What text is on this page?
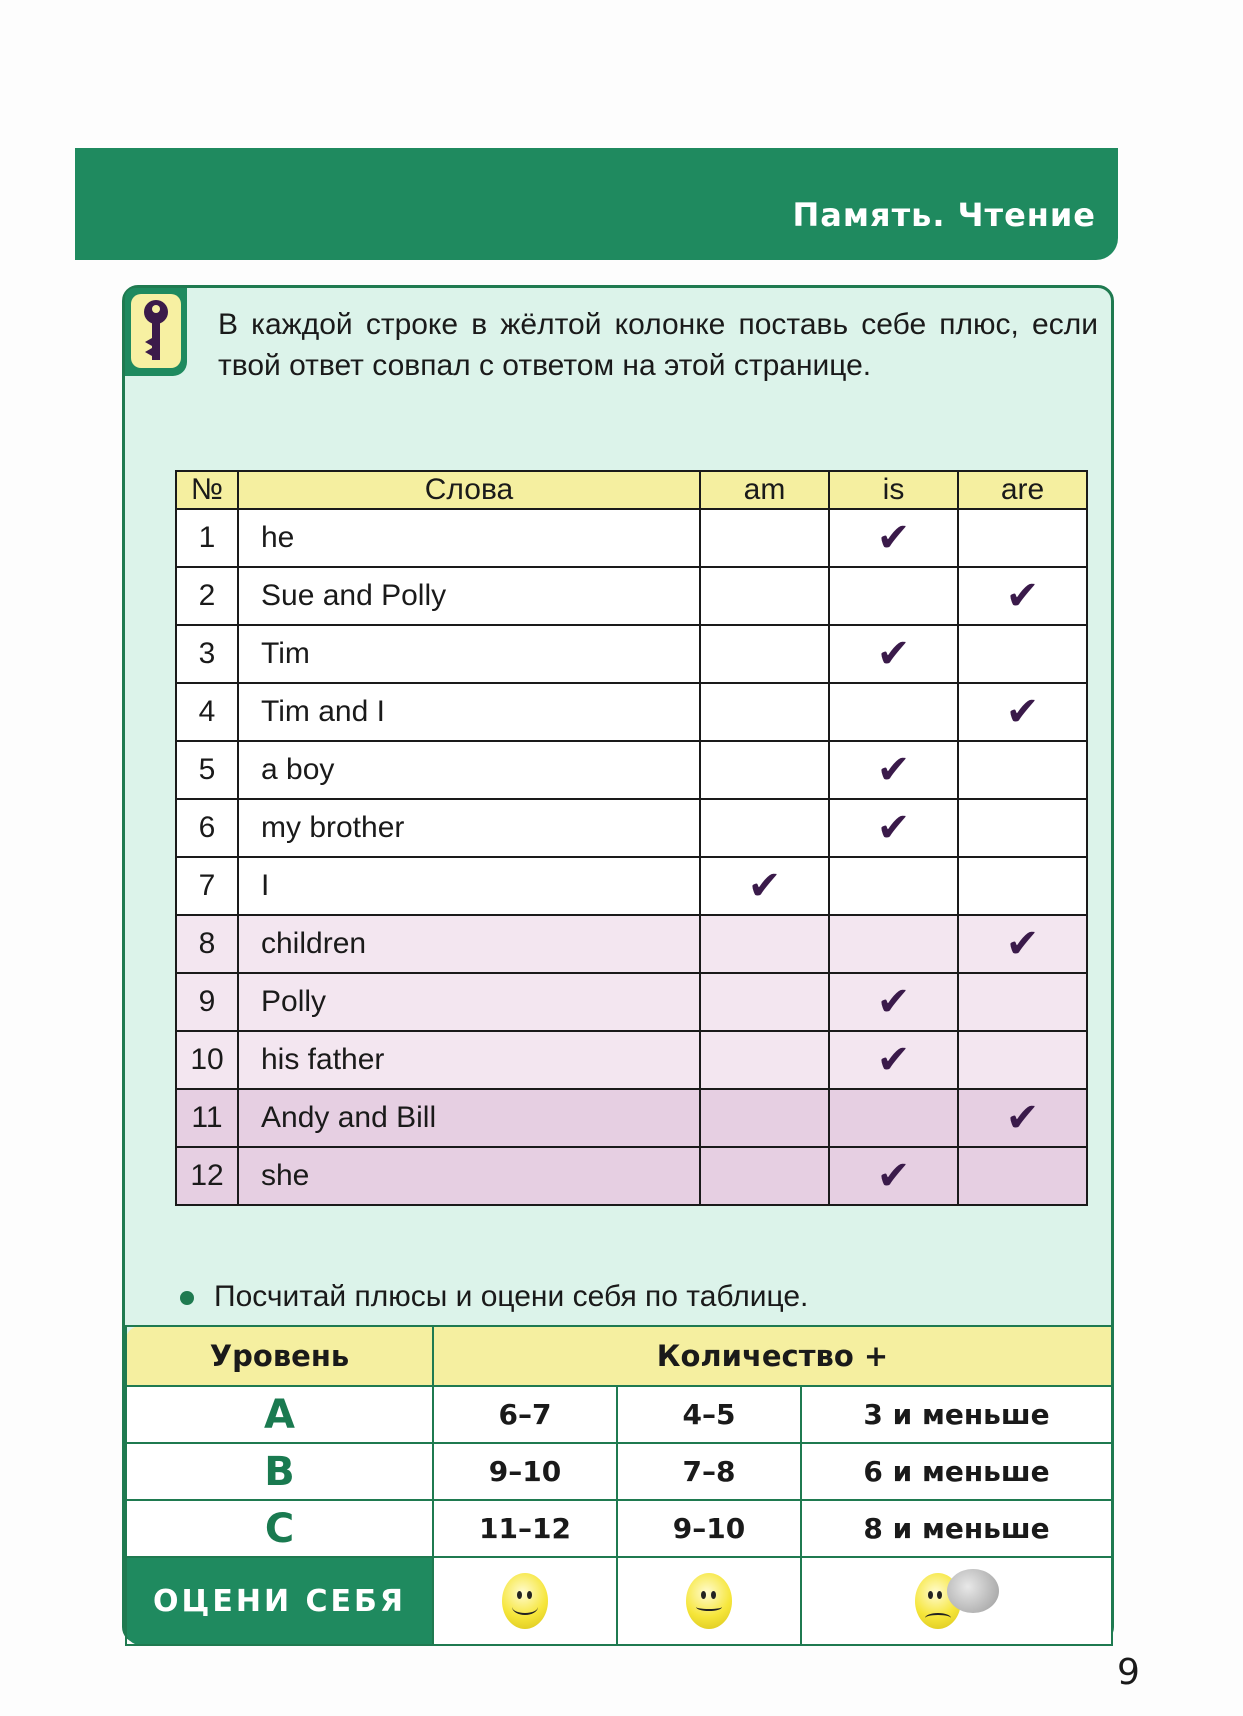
Память. Чтение
В каждой строке в жёлтой колонке поставь себе плюс, если твой ответ совпал с ответом на этой странице.
№	Слова	am	is	are
1	he		✔	
2	Sue and Polly			✔
3	Tim		✔	
4	Tim and I			✔
5	a boy		✔	
6	my brother		✔	
7	I	✔		
8	children			✔
9	Polly		✔	
10	his father		✔	
11	Andy and Bill			✔
12	she		✔	
Посчитай плюсы и оцени себя по таблице.
Уровень	Количество +		
A	6–7	4–5	3 и меньше
B	9–10	7–8	6 и меньше
C	11–12	9–10	8 и меньше
ОЦЕНИ СЕБЯ	

9
